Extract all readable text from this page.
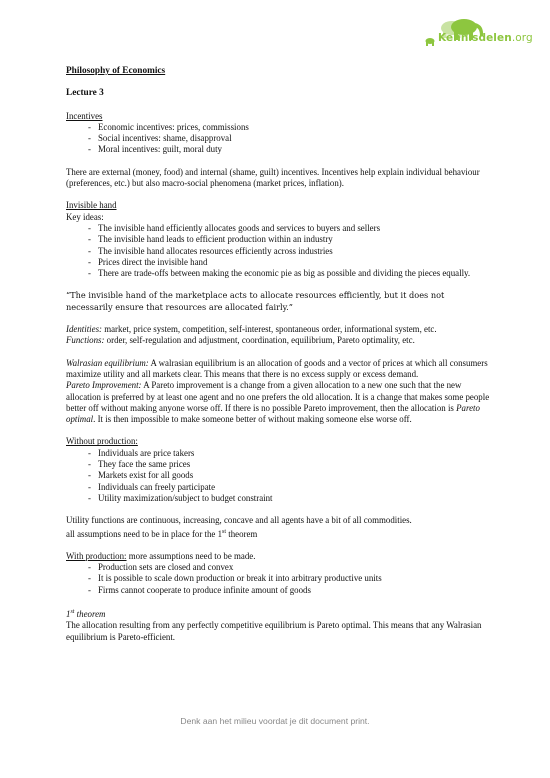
Kennisdelen.org

Philosophy of Economics

Lecture 3

Incentives

- Economic incentives: prices, commissions
- Social incentives: shame, disapproval
- Moral incentives: guilt, moral duty

There are external (money, food) and internal (shame, guilt) incentives. Incentives help explain individual behaviour (preferences, etc.) but also macro-social phenomena (market prices, inflation).

Invisible hand

Key ideas:

- The invisible hand efficiently allocates goods and services to buyers and sellers
- The invisible hand leads to efficient production within an industry
- The invisible hand allocates resources efficiently across industries
- Prices direct the invisible hand
- There are trade-offs between making the economic pie as big as possible and dividing the pieces equally.

“The invisible hand of the marketplace acts to allocate resources efficiently, but it does not necessarily ensure that resources are allocated fairly.”

Identities: market, price system, competition, self-interest, spontaneous order, informational system, etc.

Functions: order, self-regulation and adjustment, coordination, equilibrium, Pareto optimality, etc.

Walrasian equilibrium: A walrasian equilibrium is an allocation of goods and a vector of prices at which all consumers maximize utility and all markets clear. This means that there is no excess supply or excess demand.

Pareto Improvement: A Pareto improvement is a change from a given allocation to a new one such that the new allocation is preferred by at least one agent and no one prefers the old allocation. It is a change that makes some people better off without making anyone worse off. If there is no possible Pareto improvement, then the allocation is Pareto optimal. It is then impossible to make someone better of without making someone else worse off.

Without production:

- Individuals are price takers
- They face the same prices
- Markets exist for all goods
- Individuals can freely participate
- Utility maximization/subject to budget constraint

Utility functions are continuous, increasing, concave and all agents have a bit of all commodities.

all assumptions need to be in place for the 1st theorem

With production: more assumptions need to be made.

- Production sets are closed and convex
- It is possible to scale down production or break it into arbitrary productive units
- Firms cannot cooperate to produce infinite amount of goods

1st theorem

The allocation resulting from any perfectly competitive equilibrium is Pareto optimal. This means that any Walrasian equilibrium is Pareto-efficient.

Denk aan het milieu voordat je dit document print.
